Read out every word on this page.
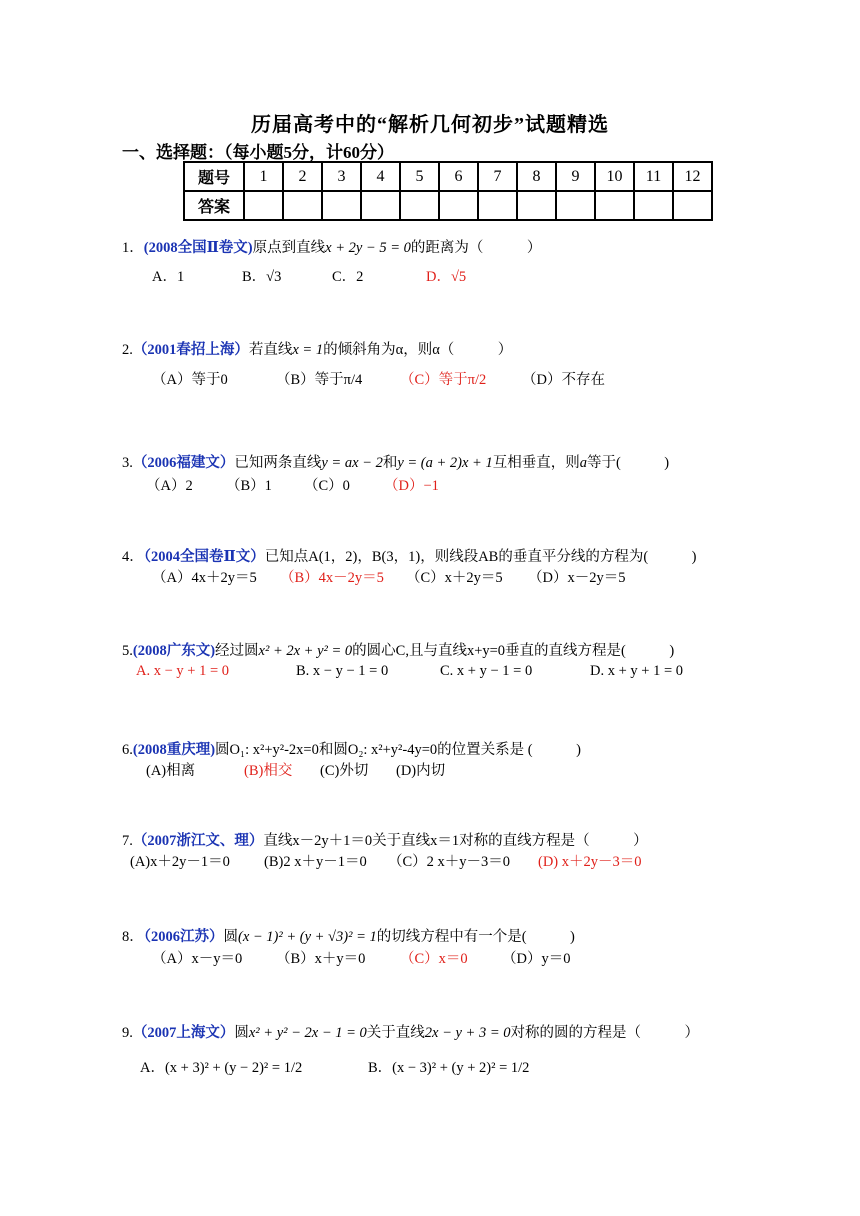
历届高考中的“解析几何初步”试题精选
一、选择题：（每小题5分，计60分）
题号	1	2	3	4	5	6	7	8	9	10	11	12
答案												
1．(2008全国Ⅱ卷文)原点到直线x + 2y − 5 = 0的距离为（　　　）
A．1	B．√3	C．2	D．√5
2.（2001春招上海）若直线x = 1的倾斜角为α，则α（　　　）
（A）等于0	（B）等于π/4	（C）等于π/2 （D）不存在
3.（2006福建文）已知两条直线y = ax − 2和y = (a + 2)x + 1互相垂直，则a等于(　　　)
（A）2 （B）1 （C）0 （D）−1
4．（2004全国卷Ⅱ文）已知点A(1，2)，B(3，1)，则线段AB的垂直平分线的方程为(　　　)
（A）4x＋2y＝5 （B）4x－2y＝5 （C）x＋2y＝5 （D）x－2y＝5
5.(2008广东文)经过圆x² + 2x + y² = 0的圆心C,且与直线x+y=0垂直的直线方程是(　　　)
A. x − y + 1 = 0	B. x − y − 1 = 0	C. x + y − 1 = 0	D. x + y + 1 = 0
6.(2008重庆理)圆O₁: x²+y²-2x=0和圆O₂: x²+y²-4y=0的位置关系是 (　　　)
(A)相离	(B)相交 (C)外切 (D)内切
7.（2007浙江文、理）直线x－2y＋1＝0关于直线x＝1对称的直线方程是（　　　）
(A)x＋2y－1＝0 (B)2 x＋y－1＝0 （C）2 x＋y－3＝0 (D) x＋2y－3＝0
8．（2006江苏）圆(x − 1)² + (y + √3)² = 1的切线方程中有一个是(　　　)
（A）x－y＝0 （B）x＋y＝0 （C）x＝0 （D）y＝0
9.（2007上海文）圆x² + y² − 2x − 1 = 0关于直线2x − y + 3 = 0对称的圆的方程是（　　　）
A．(x + 3)² + (y − 2)² = 1/2	B．(x − 3)² + (y + 2)² = 1/2
